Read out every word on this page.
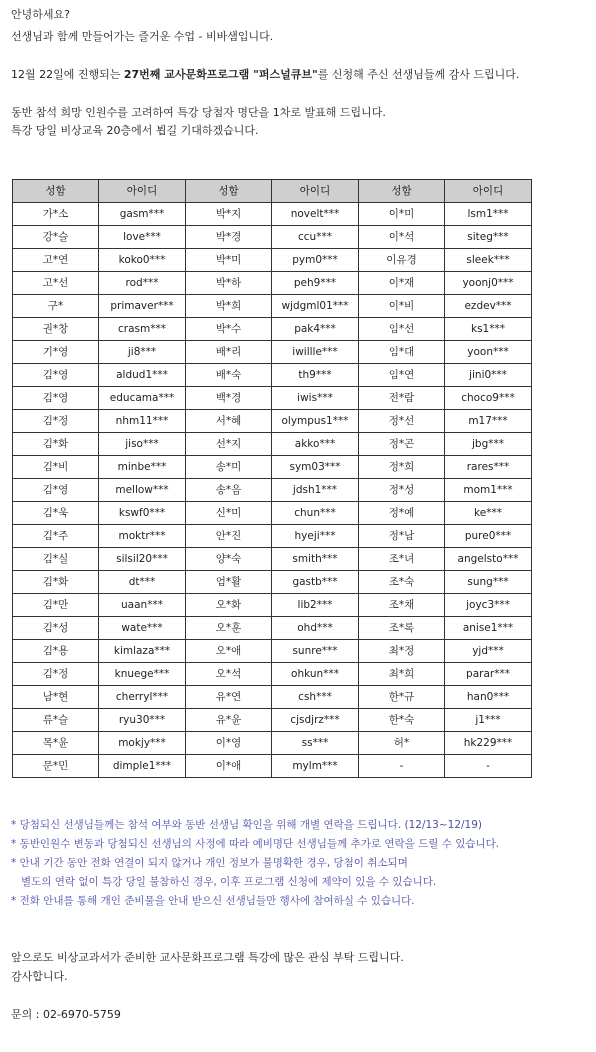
안녕하세요?
선생님과 함께 만들어가는 즐거운 수업 - 비바샘입니다.
12월 22일에 진행되는 27번째 교사문화프로그램 "퍼스널큐브"를 신청해 주신 선생님들께 감사 드립니다.
동반 참석 희망 인원수를 고려하여 특강 당첨자 명단을 1차로 발표해 드립니다.
특강 당일 비상교육 20층에서 뵙길 기대하겠습니다.
성함	아이디	성함	아이디	성함	아이디
가*소	gasm***	박*지	novelt***	이*미	lsm1***
강*슬	love***	박*경	ccu***	이*석	siteg***
고*연	koko0***	박*미	pym0***	이유경	sleek***
고*선	rod***	박*하	peh9***	이*재	yoonj0***
구*	primaver***	박*희	wjdgml01***	이*비	ezdev***
권*창	crasm***	박*수	pak4***	임*선	ks1***
기*영	ji8***	배*리	iwillle***	임*대	yoon***
김*영	aldud1***	배*숙	th9***	임*연	jini0***
김*영	educama***	백*경	iwis***	전*람	choco9***
김*정	nhm11***	서*혜	olympus1***	정*선	m17***
김*화	jiso***	선*지	akko***	정*곤	jbg***
김*비	minbe***	송*미	sym03***	정*희	rares***
김*영	mellow***	송*음	jdsh1***	정*성	mom1***
김*욱	kswf0***	신*미	chun***	정*예	ke***
김*주	moktr***	안*진	hyeji***	정*남	pure0***
김*실	silsil20***	양*숙	smith***	조*녀	angelsto***
김*화	dt***	엄*활	gastb***	조*숙	sung***
김*만	uaan***	오*화	lib2***	조*채	joyc3***
김*성	wate***	오*훈	ohd***	조*록	anise1***
김*용	kimlaza***	오*애	sunre***	최*정	yjd***
김*정	knuege***	오*석	ohkun***	최*희	parar***
남*현	cherryl***	유*연	csh***	한*규	han0***
류*슬	ryu30***	유*윤	cjsdjrz***	한*숙	j1***
목*윤	mokjy***	이*영	ss***	허*	hk229***
문*민	dimple1***	이*애	mylm***	-	-
* 당첨되신 선생님들께는 참석 여부와 동반 선생님 확인을 위해 개별 연락을 드립니다. (12/13~12/19)
* 동반인원수 변동과 당첨되신 선생님의 사정에 따라 예비명단 선생님들께 추가로 연락을 드릴 수 있습니다.
* 안내 기간 동안 전화 연결이 되지 않거나 개인 정보가 불명확한 경우, 당첨이 취소되며
별도의 연락 없이 특강 당일 불참하신 경우, 이후 프로그램 신청에 제약이 있을 수 있습니다.
* 전화 안내를 통해 개인 준비물을 안내 받으신 선생님들만 행사에 참여하실 수 있습니다.
앞으로도 비상교과서가 준비한 교사문화프로그램 특강에 많은 관심 부탁 드립니다.
감사합니다.
문의 : 02-6970-5759
